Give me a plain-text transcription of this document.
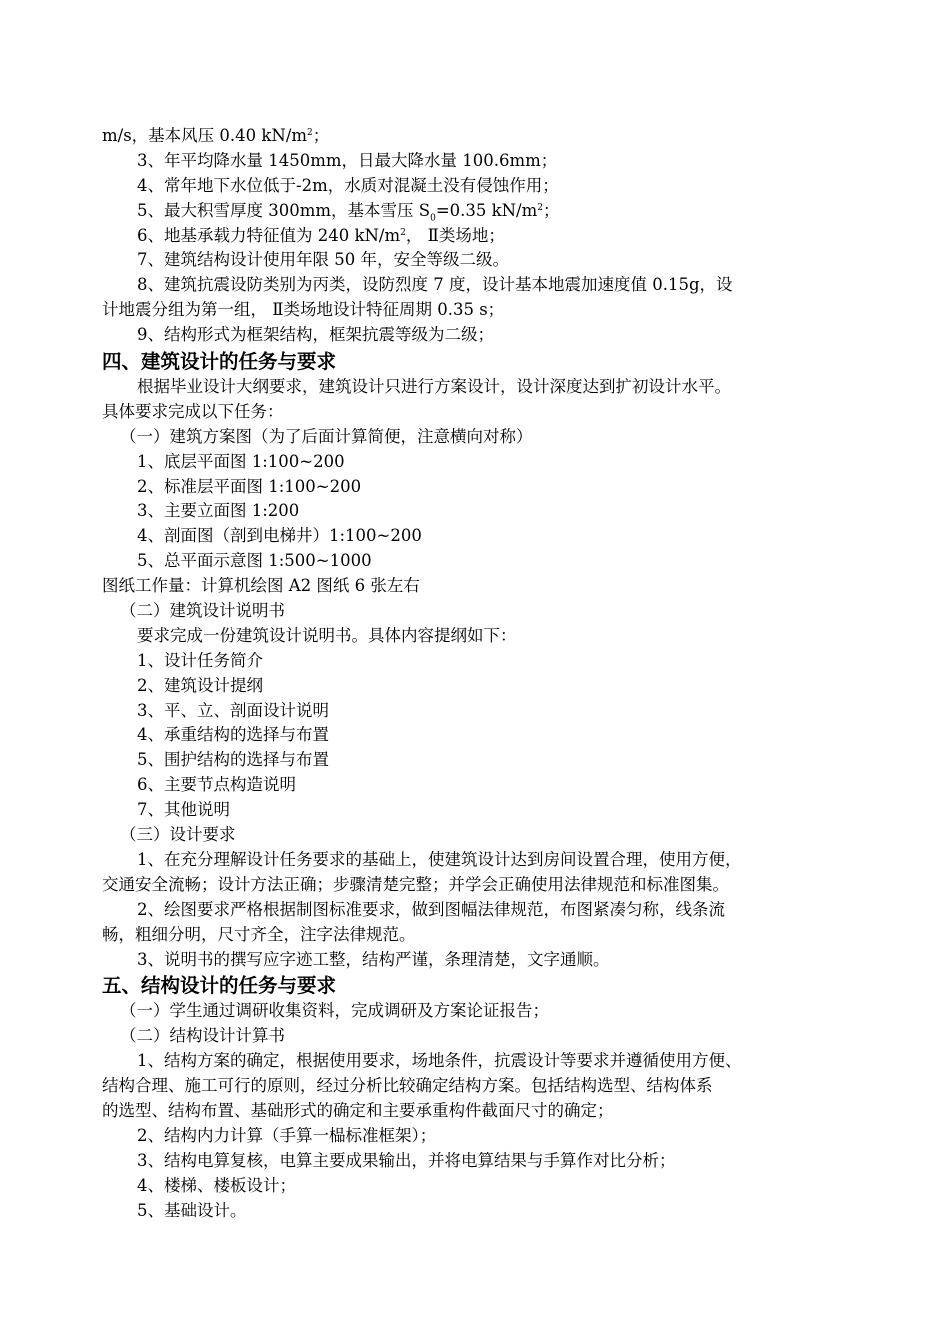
m/s，基本风压 0.40 $kN/m^2$；
3、年平均降水量 1450mm，日最大降水量 100.6mm；
4、常年地下水位低于-2m，水质对混凝土没有侵蚀作用；
5、最大积雪厚度 300mm，基本雪压 $S_0=0.35$ $kN/m^2$；
6、地基承载力特征值为 240 $kN/m^2$， Ⅱ类场地；
7、建筑结构设计使用年限 50 年，安全等级二级。
8、建筑抗震设防类别为丙类，设防烈度 7 度，设计基本地震加速度值 0.15g，设
计地震分组为第一组， Ⅱ类场地设计特征周期 0.35 s；
9、结构形式为框架结构，框架抗震等级为二级；
四、建筑设计的任务与要求
根据毕业设计大纲要求，建筑设计只进行方案设计，设计深度达到扩初设计水平。
具体要求完成以下任务：
（一）建筑方案图（为了后面计算简便，注意横向对称）
1、底层平面图 1:100~200
2、标准层平面图 1:100~200
3、主要立面图 1:200
4、剖面图（剖到电梯井）1:100~200
5、总平面示意图 1:500~1000
图纸工作量：计算机绘图 A2 图纸 6 张左右
（二）建筑设计说明书
要求完成一份建筑设计说明书。具体内容提纲如下：
1、设计任务简介
2、建筑设计提纲
3、平、立、剖面设计说明
4、承重结构的选择与布置
5、围护结构的选择与布置
6、主要节点构造说明
7、其他说明
（三）设计要求
1、在充分理解设计任务要求的基础上，使建筑设计达到房间设置合理，使用方便，
交通安全流畅；设计方法正确；步骤清楚完整；并学会正确使用法律规范和标准图集。
2、绘图要求严格根据制图标准要求，做到图幅法律规范，布图紧凑匀称，线条流
畅，粗细分明，尺寸齐全，注字法律规范。
3、说明书的撰写应字迹工整，结构严谨，条理清楚，文字通顺。
五、结构设计的任务与要求
（一）学生通过调研收集资料，完成调研及方案论证报告；
（二）结构设计计算书
1、结构方案的确定，根据使用要求，场地条件，抗震设计等要求并遵循使用方便、
结构合理、施工可行的原则，经过分析比较确定结构方案。包括结构选型、结构体系
的选型、结构布置、基础形式的确定和主要承重构件截面尺寸的确定；
2、结构内力计算（手算一榀标准框架）；
3、结构电算复核，电算主要成果输出，并将电算结果与手算作对比分析；
4、楼梯、楼板设计；
5、基础设计。
